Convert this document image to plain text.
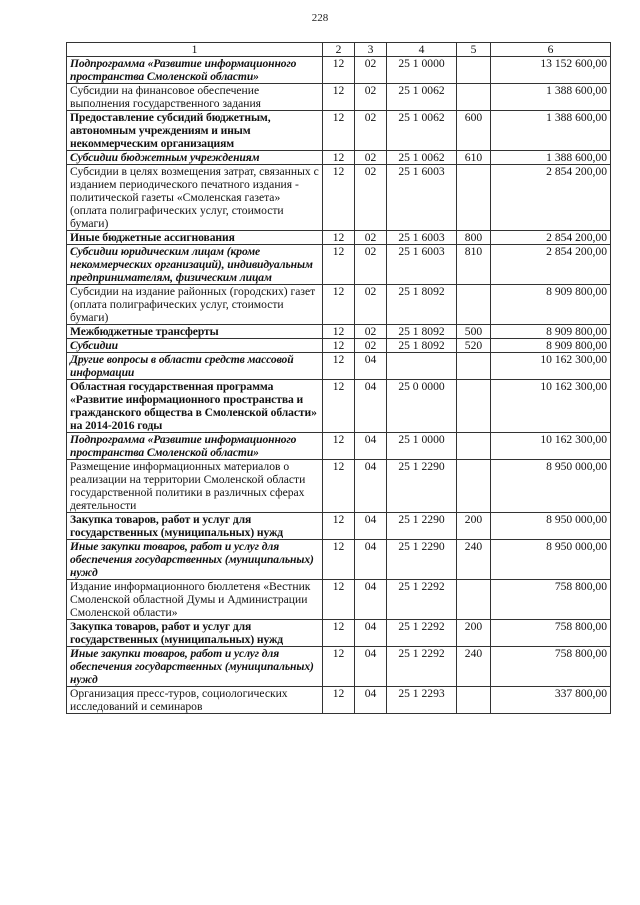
228
1	2	3	4	5	6
Подпрограмма «Развитие информационного пространства Смоленской области»	12	02	25 1 0000		13 152 600,00
Субсидии на финансовое обеспечение выполнения государственного задания	12	02	25 1 0062		1 388 600,00
Предоставление субсидий бюджетным, автономным учреждениям и иным некоммерческим организациям	12	02	25 1 0062	600	1 388 600,00
Субсидии бюджетным учреждениям	12	02	25 1 0062	610	1 388 600,00
Субсидии в целях возмещения затрат, связанных с изданием периодического печатного издания - политической газеты «Смоленская газета» (оплата полиграфических услуг, стоимости бумаги)	12	02	25 1 6003		2 854 200,00
Иные бюджетные ассигнования	12	02	25 1 6003	800	2 854 200,00
Субсидии юридическим лицам (кроме некоммерческих организаций), индивидуальным предпринимателям, физическим лицам	12	02	25 1 6003	810	2 854 200,00
Субсидии на издание районных (городских) газет (оплата полиграфических услуг, стоимости бумаги)	12	02	25 1 8092		8 909 800,00
Межбюджетные трансферты	12	02	25 1 8092	500	8 909 800,00
Субсидии	12	02	25 1 8092	520	8 909 800,00
Другие вопросы в области средств массовой информации	12	04			10 162 300,00
Областная государственная программа «Развитие информационного пространства и гражданского общества в Смоленской области» на 2014-2016 годы	12	04	25 0 0000		10 162 300,00
Подпрограмма «Развитие информационного пространства Смоленской области»	12	04	25 1 0000		10 162 300,00
Размещение информационных материалов о реализации на территории Смоленской области государственной политики в различных сферах деятельности	12	04	25 1 2290		8 950 000,00
Закупка товаров, работ и услуг для государственных (муниципальных) нужд	12	04	25 1 2290	200	8 950 000,00
Иные закупки товаров, работ и услуг для обеспечения государственных (муниципальных) нужд	12	04	25 1 2290	240	8 950 000,00
Издание информационного бюллетеня «Вестник Смоленской областной Думы и Администрации Смоленской области»	12	04	25 1 2292		758 800,00
Закупка товаров, работ и услуг для государственных (муниципальных) нужд	12	04	25 1 2292	200	758 800,00
Иные закупки товаров, работ и услуг для обеспечения государственных (муниципальных) нужд	12	04	25 1 2292	240	758 800,00
Организация пресс-туров, социологических исследований и семинаров	12	04	25 1 2293		337 800,00
